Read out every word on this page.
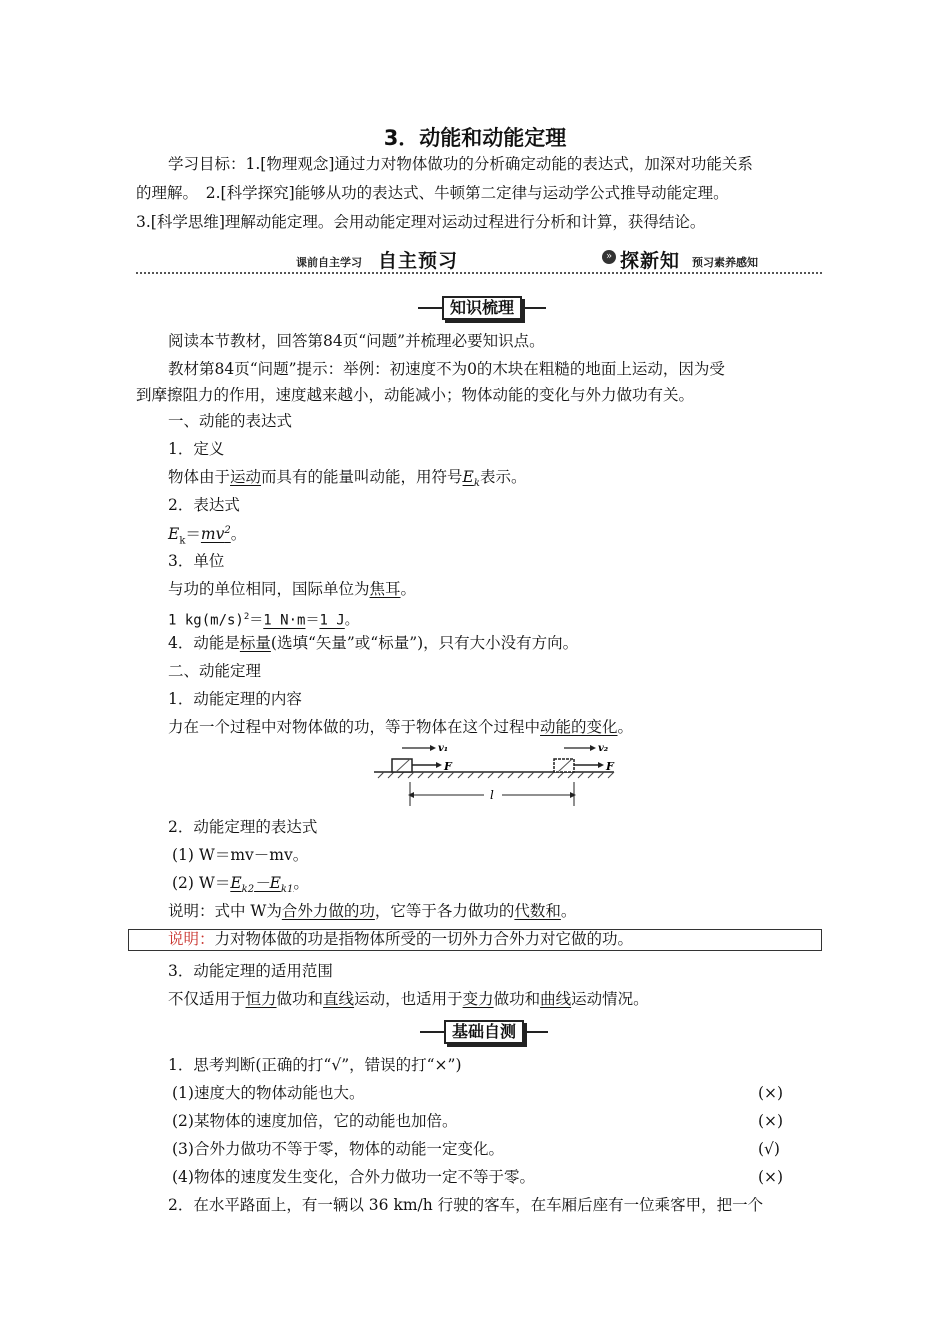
3．动能和动能定理
学习目标：1.[物理观念]通过力对物体做功的分析确定动能的表达式，加深对功能关系
的理解。　2.[科学探究]能够从功的表达式、牛顿第二定律与运动学公式推导动能定理。
3.[科学思维]理解动能定理。会用动能定理对运动过程进行分析和计算，获得结论。
课前自主学习 自主预习	» 探新知 预习素养感知
知识梳理
阅读本节教材，回答第84页“问题”并梳理必要知识点。
教材第84页“问题”提示：举例：初速度不为0的木块在粗糙的地面上运动，因为受
到摩擦阻力的作用，速度越来越小，动能减小；物体动能的变化与外力做功有关。
一、动能的表达式
1．定义
物体由于运动而具有的能量叫动能，用符号$E_k$表示。
2．表达式
$E_k=mv^2$。
3．单位
与功的单位相同，国际单位为焦耳。
1 $kg(m/s)^2=1$ N·m＝1 J。
4．动能是标量(选填“矢量”或“标量”)，只有大小没有方向。
二、动能定理
1．动能定理的内容
力在一个过程中对物体做的功，等于物体在这个过程中动能的变化。
v₁
F
v₂
F
l
2．动能定理的表达式
(1) W＝mv－mv。
(2) $W=E_{k2}-E_{k1}$。
说明：式中 W为合外力做的功，它等于各力做功的代数和。
说明：力对物体做的功是指物体所受的一切外力合外力对它做的功。
3．动能定理的适用范围
不仅适用于恒力做功和直线运动，也适用于变力做功和曲线运动情况。
基础自测
1．思考判断(正确的打“√”，错误的打“×”)
(1)速度大的物体动能也大。	(×)
(2)某物体的速度加倍，它的动能也加倍。	(×)
(3)合外力做功不等于零，物体的动能一定变化。	(√)
(4)物体的速度发生变化，合外力做功一定不等于零。	(×)
2．在水平路面上，有一辆以 36 km/h 行驶的客车，在车厢后座有一位乘客甲，把一个
